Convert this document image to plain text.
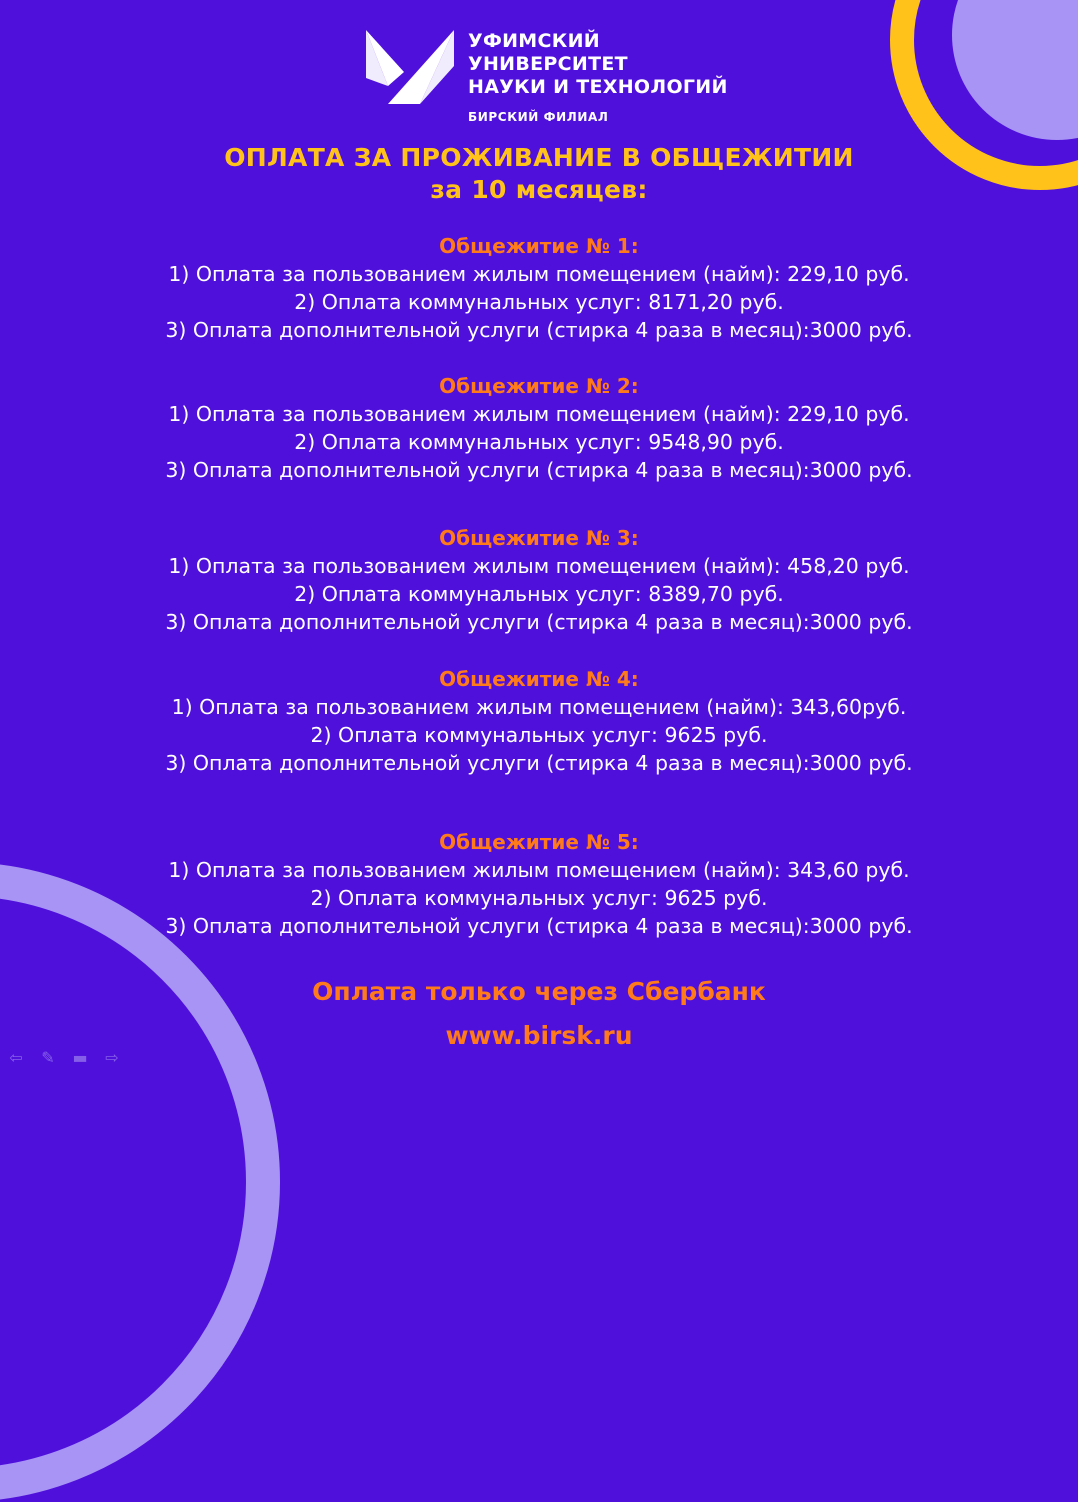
УФИМСКИЙ
УНИВЕРСИТЕТ
НАУКИ И ТЕХНОЛОГИЙ
БИРСКИЙ ФИЛИАЛ
ОПЛАТА ЗА ПРОЖИВАНИЕ В ОБЩЕЖИТИИ
за 10 месяцев:
Общежитие № 1:
1) Оплата за пользованием жилым помещением (найм): 229,10 руб.
2) Оплата коммунальных услуг: 8171,20 руб.
3) Оплата дополнительной услуги (стирка 4 раза в месяц):3000 руб.
Общежитие № 2:
1) Оплата за пользованием жилым помещением (найм): 229,10 руб.
2) Оплата коммунальных услуг: 9548,90 руб.
3) Оплата дополнительной услуги (стирка 4 раза в месяц):3000 руб.
Общежитие № 3:
1) Оплата за пользованием жилым помещением (найм): 458,20 руб.
2) Оплата коммунальных услуг: 8389,70 руб.
3) Оплата дополнительной услуги (стирка 4 раза в месяц):3000 руб.
Общежитие № 4:
1) Оплата за пользованием жилым помещением (найм): 343,60руб.
2) Оплата коммунальных услуг: 9625 руб.
3) Оплата дополнительной услуги (стирка 4 раза в месяц):3000 руб.
Общежитие № 5:
1) Оплата за пользованием жилым помещением (найм): 343,60 руб.
2) Оплата коммунальных услуг: 9625 руб.
3) Оплата дополнительной услуги (стирка 4 раза в месяц):3000 руб.
Оплата только через Сбербанк
www.birsk.ru
⇦ ✎ ▬ ⇨
